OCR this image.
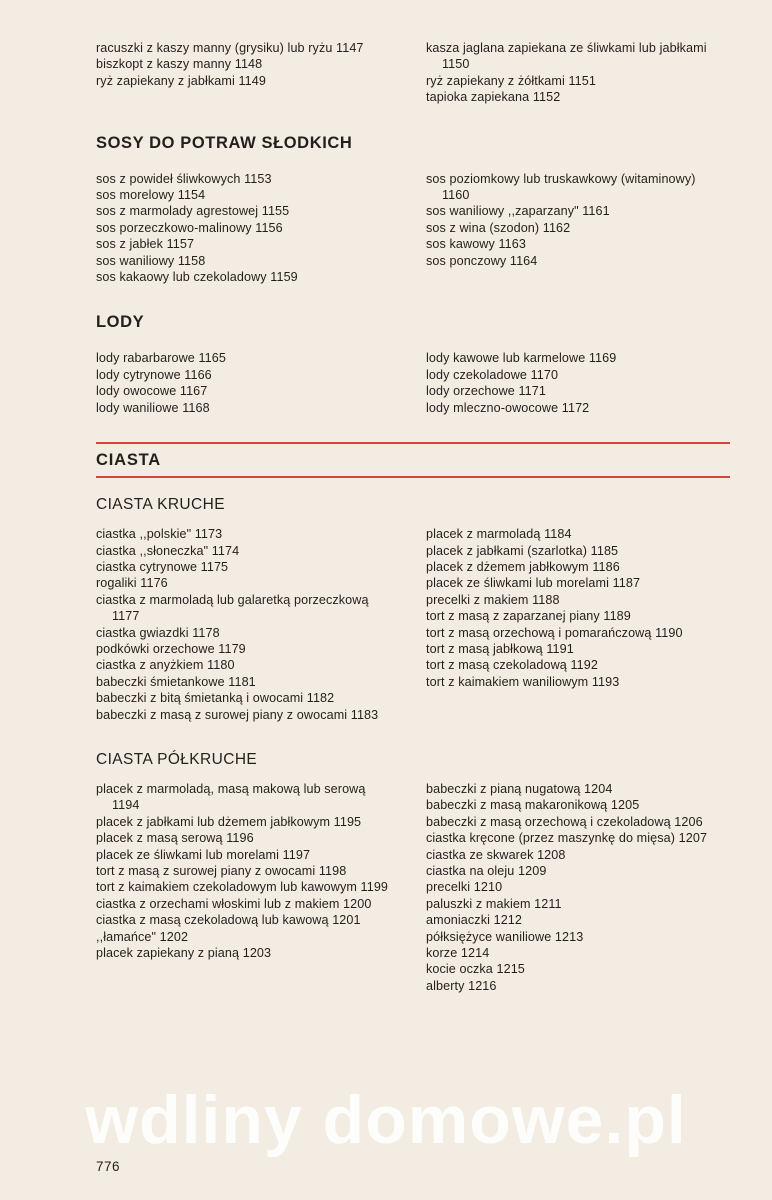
racuszki z kaszy manny (grysiku) lub ryżu 1147

biszkopt z kaszy manny 1148

ryż zapiekany z jabłkami 1149

kasza jaglana zapiekana ze śliwkami lub jabłkami 1150

ryż zapiekany z żółtkami 1151

tapioka zapiekana 1152

SOSY DO POTRAW SŁODKICH

sos z powideł śliwkowych 1153

sos morelowy 1154

sos z marmolady agrestowej 1155

sos porzeczkowo-malinowy 1156

sos z jabłek 1157

sos waniliowy 1158

sos kakaowy lub czekoladowy 1159

sos poziomkowy lub truskawkowy (witaminowy) 1160

sos waniliowy ,,zaparzany" 1161

sos z wina (szodon) 1162

sos kawowy 1163

sos ponczowy 1164

LODY

lody rabarbarowe 1165

lody cytrynowe 1166

lody owocowe 1167

lody waniliowe 1168

lody kawowe lub karmelowe 1169

lody czekoladowe 1170

lody orzechowe 1171

lody mleczno-owocowe 1172

CIASTA
CIASTA KRUCHE

ciastka ,,polskie" 1173

ciastka ,,słoneczka" 1174

ciastka cytrynowe 1175

rogaliki 1176

ciastka z marmoladą lub galaretką porzeczkową 1177

ciastka gwiazdki 1178

podkówki orzechowe 1179

ciastka z anyżkiem 1180

babeczki śmietankowe 1181

babeczki z bitą śmietanką i owocami 1182

babeczki z masą z surowej piany z owocami 1183

placek z marmoladą 1184

placek z jabłkami (szarlotka) 1185

placek z dżemem jabłkowym 1186

placek ze śliwkami lub morelami 1187

precelki z makiem 1188

tort z masą z zaparzanej piany 1189

tort z masą orzechową i pomarańczową 1190

tort z masą jabłkową 1191

tort z masą czekoladową 1192

tort z kaimakiem waniliowym 1193

CIASTA PÓŁKRUCHE

placek z marmoladą, masą makową lub serową 1194

placek z jabłkami lub dżemem jabłkowym 1195

placek z masą serową 1196

placek ze śliwkami lub morelami 1197

tort z masą z surowej piany z owocami 1198

tort z kaimakiem czekoladowym lub kawowym 1199

ciastka z orzechami włoskimi lub z makiem 1200

ciastka z masą czekoladową lub kawową 1201

,,łamańce" 1202

placek zapiekany z pianą 1203

babeczki z pianą nugatową 1204

babeczki z masą makaronikową 1205

babeczki z masą orzechową i czekoladową 1206

ciastka kręcone (przez maszynkę do mięsa) 1207

ciastka ze skwarek 1208

ciastka na oleju 1209

precelki 1210

paluszki z makiem 1211

amoniaczki 1212

półksiężyce waniliowe 1213

korze 1214

kocie oczka 1215

alberty 1216

776
wdliny domowe.pl
